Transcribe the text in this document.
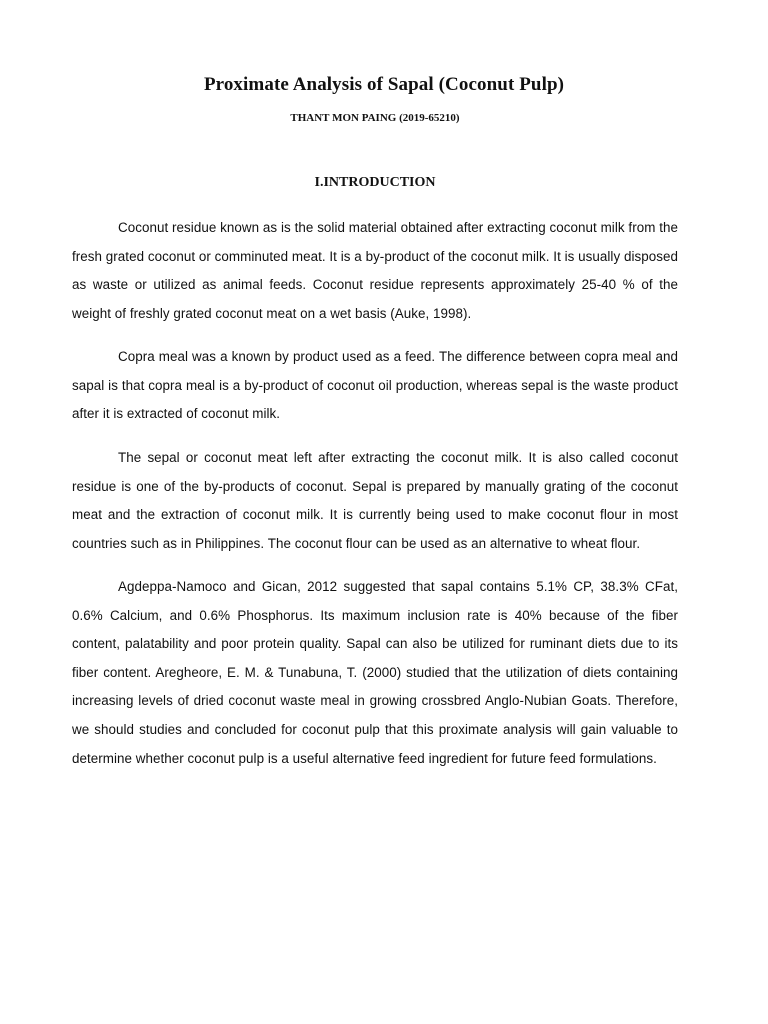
Proximate Analysis of Sapal (Coconut Pulp)

THANT MON PAING (2019-65210)

I.INTRODUCTION

Coconut residue known as is the solid material obtained after extracting coconut milk from the fresh grated coconut or comminuted meat. It is a by-product of the coconut milk. It is usually disposed as waste or utilized as animal feeds. Coconut residue represents approximately 25-40 % of the weight of freshly grated coconut meat on a wet basis (Auke, 1998).

Copra meal was a known by product used as a feed. The difference between copra meal and sapal is that copra meal is a by-product of coconut oil production, whereas sepal is the waste product after it is extracted of coconut milk.

The sepal or coconut meat left after extracting the coconut milk. It is also called coconut residue is one of the by-products of coconut. Sepal is prepared by manually grating of the coconut meat and the extraction of coconut milk. It is currently being used to make coconut flour in most countries such as in Philippines. The coconut flour can be used as an alternative to wheat flour.

Agdeppa-Namoco and Gican, 2012 suggested that sapal contains 5.1% CP, 38.3% CFat, 0.6% Calcium, and 0.6% Phosphorus. Its maximum inclusion rate is 40% because of the fiber content, palatability and poor protein quality. Sapal can also be utilized for ruminant diets due to its fiber content. Aregheore, E. M. & Tunabuna, T. (2000) studied that the utilization of diets containing increasing levels of dried coconut waste meal in growing crossbred Anglo-Nubian Goats. Therefore, we should studies and concluded for coconut pulp that this proximate analysis will gain valuable to determine whether coconut pulp is a useful alternative feed ingredient for future feed formulations.
